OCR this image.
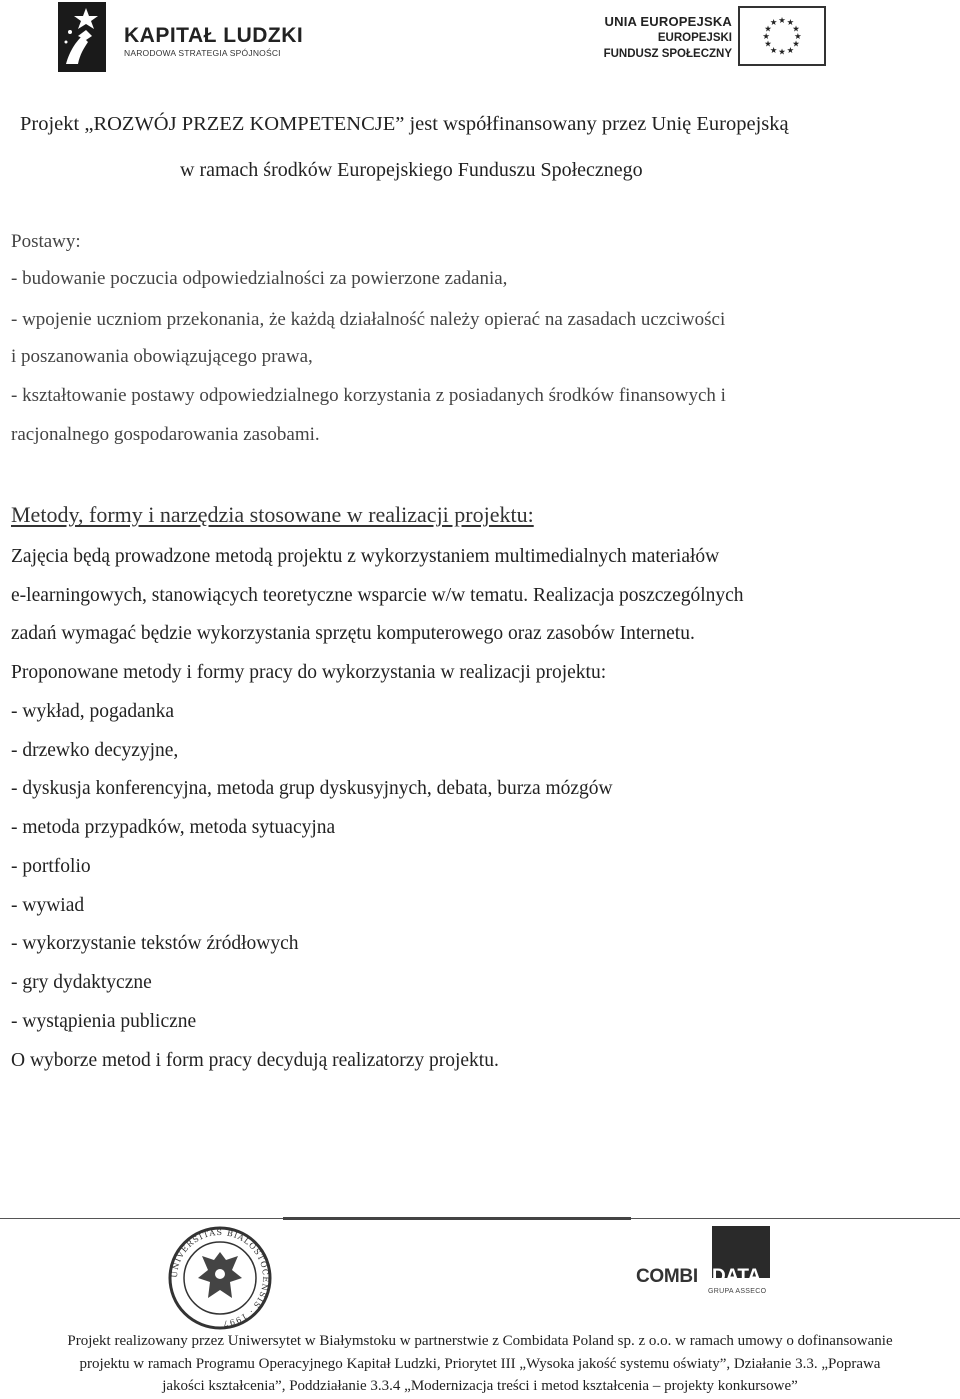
KAPITAŁ LUDZKI
NARODOWA STRATEGIA SPÓJNOŚCI
UNIA EUROPEJSKA
EUROPEJSKI
FUNDUSZ SPOŁECZNY
★ ★
★
★
★
★
★
★
★
★
★
★
Projekt „ROZWÓJ PRZEZ KOMPETENCJE” jest współfinansowany przez Unię Europejską
w ramach środków Europejskiego Funduszu Społecznego
Postawy:
- budowanie poczucia odpowiedzialności za powierzone zadania,
- wpojenie uczniom przekonania, że każdą działalność należy opierać na zasadach uczciwości
i poszanowania obowiązującego prawa,
- kształtowanie postawy odpowiedzialnego korzystania z posiadanych środków finansowych i
racjonalnego gospodarowania zasobami.
Metody, formy i narzędzia stosowane w realizacji projektu:
Zajęcia będą prowadzone metodą projektu z wykorzystaniem multimedialnych materiałów
e-learningowych, stanowiących teoretyczne wsparcie w/w tematu. Realizacja poszczególnych
zadań wymagać będzie wykorzystania sprzętu komputerowego oraz zasobów Internetu.
Proponowane metody i formy pracy do wykorzystania w realizacji projektu:
- wykład, pogadanka
- drzewko decyzyjne,
- dyskusja konferencyjna, metoda grup dyskusyjnych, debata, burza mózgów
- metoda przypadków, metoda sytuacyjna
- portfolio
- wywiad
- wykorzystanie tekstów źródłowych
- gry dydaktyczne
- wystąpienia publiczne
O wyborze metod i form pracy decydują realizatorzy projektu.
UNIVERSITAS BIALOSTOCENSIS · 1997
COMBI DATA
GRUPA ASSECO
Projekt realizowany przez Uniwersytet w Białymstoku w partnerstwie z Combidata Poland sp. z o.o. w ramach umowy o dofinansowanie
projektu w ramach Programu Operacyjnego Kapitał Ludzki, Priorytet III „Wysoka jakość systemu oświaty”, Działanie 3.3. „Poprawa
jakości kształcenia”, Poddziałanie 3.3.4 „Modernizacja treści i metod kształcenia – projekty konkursowe”
